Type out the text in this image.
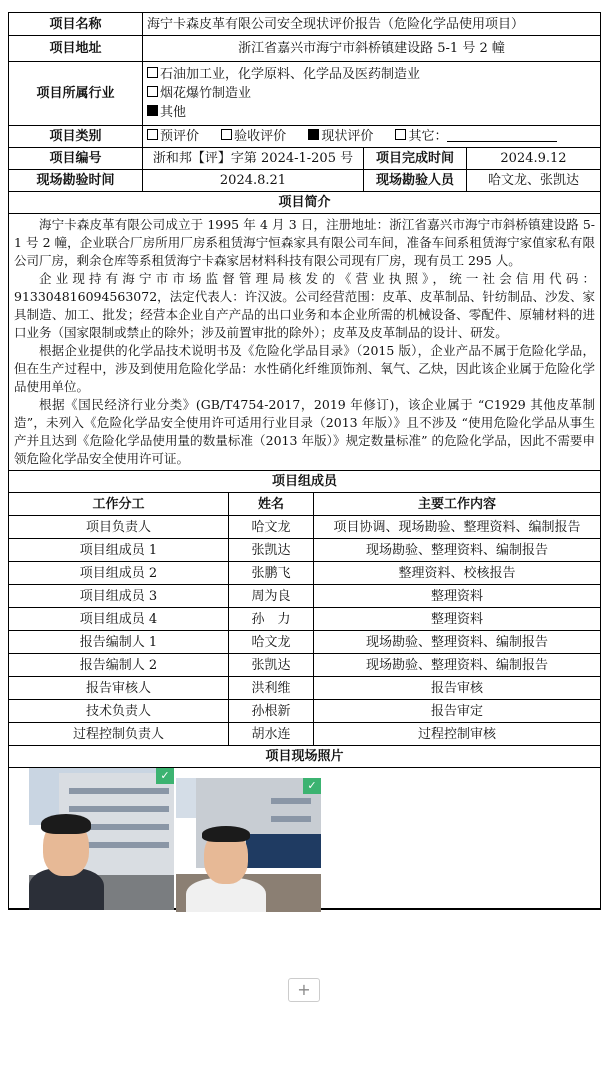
项目名称	海宁卡森皮革有限公司安全现状评价报告（危险化学品使用项目）				
项目地址	浙江省嘉兴市海宁市斜桥镇建设路 5-1 号 2 幢				
项目所属行业	石油加工业，化学原料、化学品及医药制造业
烟花爆竹制造业
其他				

项目类别	预评价 验收评价 现状评价 其它：				
项目编号	浙和邦【评】字第 2024-1-205 号			项目完成时间	2024.9.12
现场勘验时间	2024.8.21			现场勘验人员	哈文龙、张凯达
项目简介					

海宁卡森皮革有限公司成立于 1995 年 4 月 3 日，注册地址：浙江省嘉兴市海宁市斜桥镇建设路 5-1 号 2 幢，企业联合厂房所用厂房系租赁海宁恒森家具有限公司车间，准备车间系租赁海宁家值家私有限公司厂房，剩余仓库等系租赁海宁卡森家居材料科技有限公司现有厂房，现有员工 295 人。

企业现持有海宁市市场监督管理局核发的《营业执照》，统一社会信用代码：913304816094563072，法定代表人：许汉波。公司经营范围：皮革、皮革制品、针纺制品、沙发、家具制造、加工、批发；经营本企业自产产品的出口业务和本企业所需的机械设备、零配件、原辅材料的进口业务（国家限制或禁止的除外；涉及前置审批的除外）；皮革及皮革制品的设计、研发。

根据企业提供的化学品技术说明书及《危险化学品目录》（2015 版），企业产品不属于危险化学品，但在生产过程中，涉及到使用危险化学品：水性硝化纤维顶饰剂、氧气、乙炔，因此该企业属于危险化学品使用单位。

根据《国民经济行业分类》(GB/T4754-2017，2019 年修订)，该企业属于 “C1929 其他皮革制造”，未列入《危险化学品安全使用许可适用行业目录（2013 年版）》且不涉及 “使用危险化学品从事生产并且达到《危险化学品使用量的数量标准（2013 年版）》规定数量标准” 的危险化学品，因此不需要申领危险化学品安全使用许可证。					

项目组成员					
工作分工		姓名	主要工作内容		
项目负责人		哈文龙	项目协调、现场勘验、整理资料、编制报告		
项目组成员 1		张凯达	现场勘验、整理资料、编制报告		
项目组成员 2		张鹏飞	整理资料、校核报告		
项目组成员 3		周为良	整理资料		
项目组成员 4		孙　力	整理资料		
报告编制人 1		哈文龙	现场勘验、整理资料、编制报告		
报告编制人 2		张凯达	现场勘验、整理资料、编制报告		
报告审核人		洪利维	报告审核		
技术负责人		孙根新	报告审定		
过程控制负责人		胡水连	过程控制审核		
项目现场照片					

✓
✓					
+
